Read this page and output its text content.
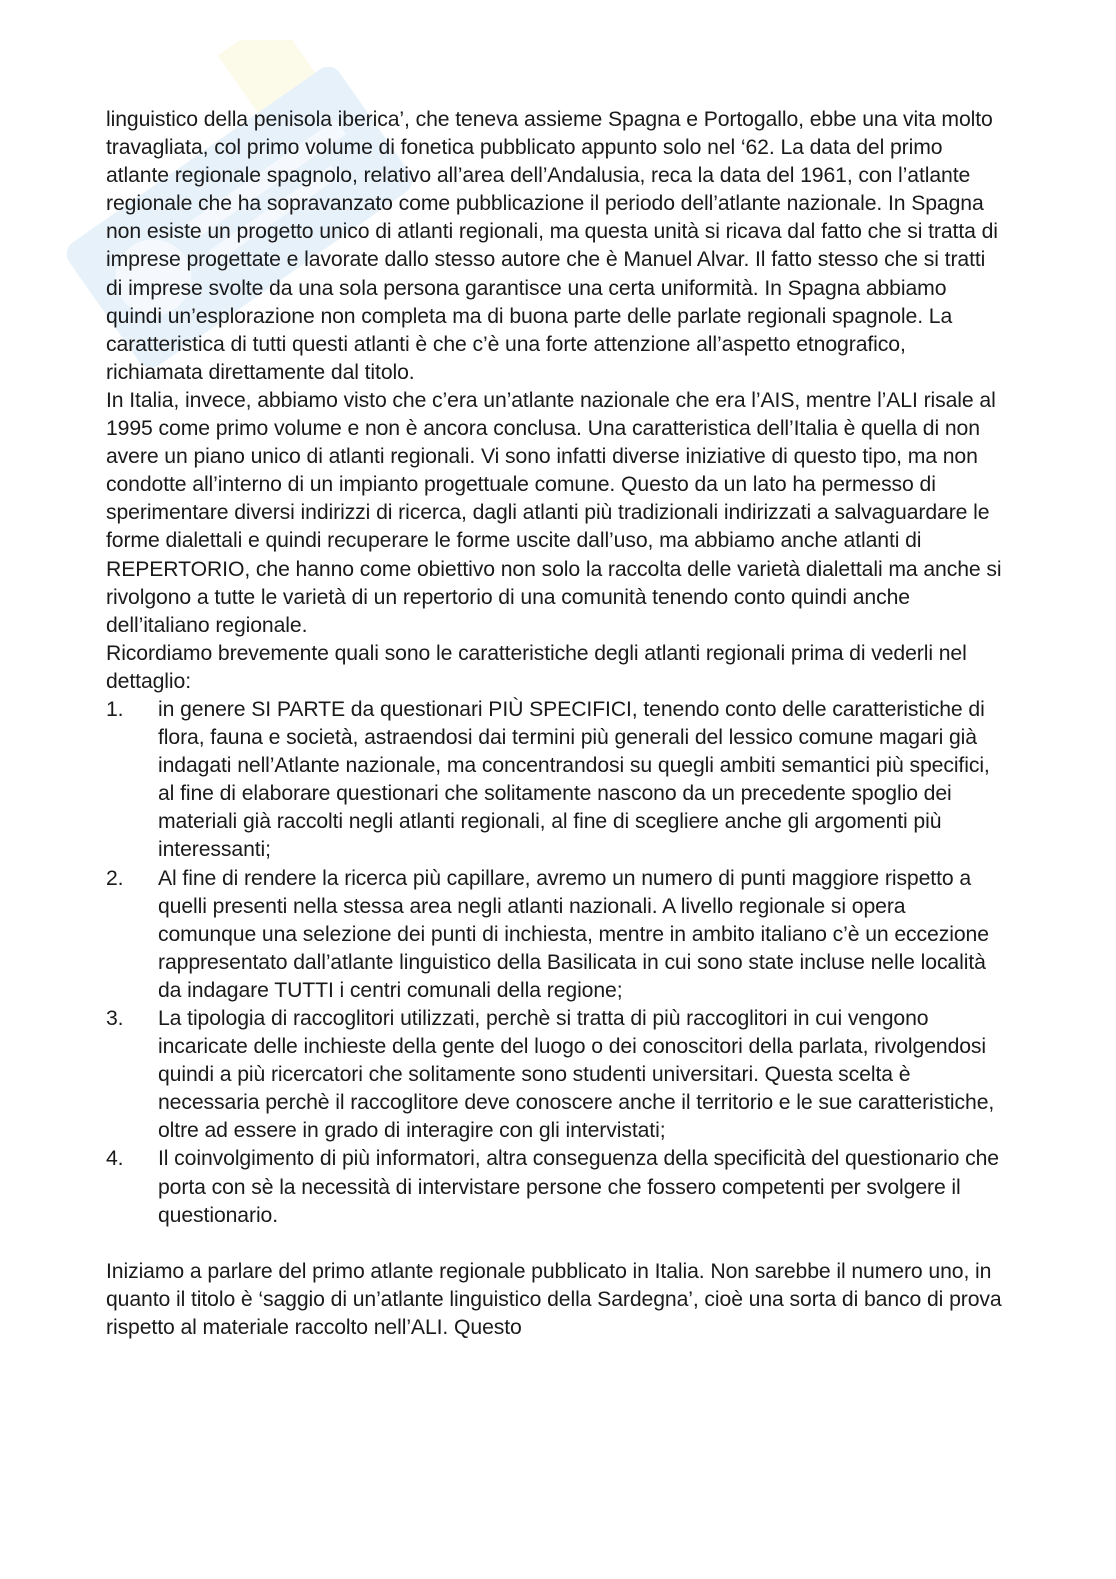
linguistico della penisola iberica’, che teneva assieme Spagna e Portogallo, ebbe una vita molto travagliata, col primo volume di fonetica pubblicato appunto solo nel ‘62. La data del primo atlante regionale spagnolo, relativo all’area dell’Andalusia, reca la data del 1961, con l’atlante regionale che ha sopravanzato come pubblicazione il periodo dell’atlante nazionale. In Spagna non esiste un progetto unico di atlanti regionali, ma questa unità si ricava dal fatto che si tratta di imprese progettate e lavorate dallo stesso autore che è Manuel Alvar. Il fatto stesso che si tratti di imprese svolte da una sola persona garantisce una certa uniformità. In Spagna abbiamo quindi un’esplorazione non completa ma di buona parte delle parlate regionali spagnole. La caratteristica di tutti questi atlanti è che c’è una forte attenzione all’aspetto etnografico, richiamata direttamente dal titolo.

In Italia, invece, abbiamo visto che c’era un’atlante nazionale che era l’AIS, mentre l’ALI risale al 1995 come primo volume e non è ancora conclusa. Una caratteristica dell’Italia è quella di non avere un piano unico di atlanti regionali. Vi sono infatti diverse iniziative di questo tipo, ma non condotte all’interno di un impianto progettuale comune. Questo da un lato ha permesso di sperimentare diversi indirizzi di ricerca, dagli atlanti più tradizionali indirizzati a salvaguardare le forme dialettali e quindi recuperare le forme uscite dall’uso, ma abbiamo anche atlanti di REPERTORIO, che hanno come obiettivo non solo la raccolta delle varietà dialettali ma anche si rivolgono a tutte le varietà di un repertorio di una comunità tenendo conto quindi anche dell’italiano regionale.

Ricordiamo brevemente quali sono le caratteristiche degli atlanti regionali prima di vederli nel dettaglio:

1.	in genere SI PARTE da questionari PIÙ SPECIFICI, tenendo conto delle caratteristiche di flora, fauna e società, astraendosi dai termini più generali del lessico comune magari già indagati nell’Atlante nazionale, ma concentrandosi su quegli ambiti semantici più specifici, al fine di elaborare questionari che solitamente nascono da un precedente spoglio dei materiali già raccolti negli atlanti regionali, al fine di scegliere anche gli argomenti più interessanti;
2.	Al fine di rendere la ricerca più capillare, avremo un numero di punti maggiore rispetto a quelli presenti nella stessa area negli atlanti nazionali. A livello regionale si opera comunque una selezione dei punti di inchiesta, mentre in ambito italiano c’è un eccezione rappresentato dall’atlante linguistico della Basilicata in cui sono state incluse nelle località da indagare TUTTI i centri comunali della regione;
3.	La tipologia di raccoglitori utilizzati, perchè si tratta di più raccoglitori in cui vengono incaricate delle inchieste della gente del luogo o dei conoscitori della parlata, rivolgendosi quindi a più ricercatori che solitamente sono studenti universitari. Questa scelta è necessaria perchè il raccoglitore deve conoscere anche il territorio e le sue caratteristiche, oltre ad essere in grado di interagire con gli intervistati;
4.	Il coinvolgimento di più informatori, altra conseguenza della specificità del questionario che porta con sè la necessità di intervistare persone che fossero competenti per svolgere il questionario.

Iniziamo a parlare del primo atlante regionale pubblicato in Italia. Non sarebbe il numero uno, in quanto il titolo è ‘saggio di un’atlante linguistico della Sardegna’, cioè una sorta di banco di prova rispetto al materiale raccolto nell’ALI. Questo
